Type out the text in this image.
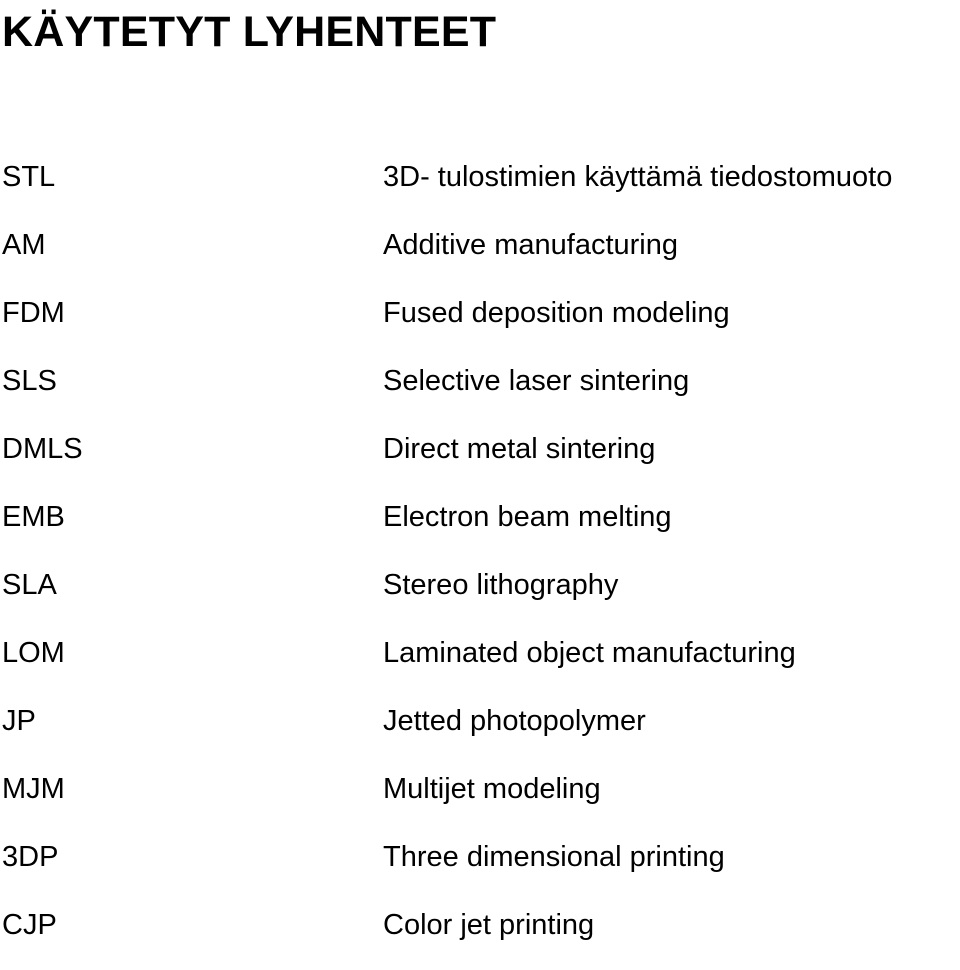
KÄYTETYT LYHENTEET
STL	3D- tulostimien käyttämä tiedostomuoto
AM	Additive manufacturing
FDM	Fused deposition modeling
SLS	Selective laser sintering
DMLS	Direct metal sintering
EMB	Electron beam melting
SLA	Stereo lithography
LOM	Laminated object manufacturing
JP	Jetted photopolymer
MJM	Multijet modeling
3DP	Three dimensional printing
CJP	Color jet printing
